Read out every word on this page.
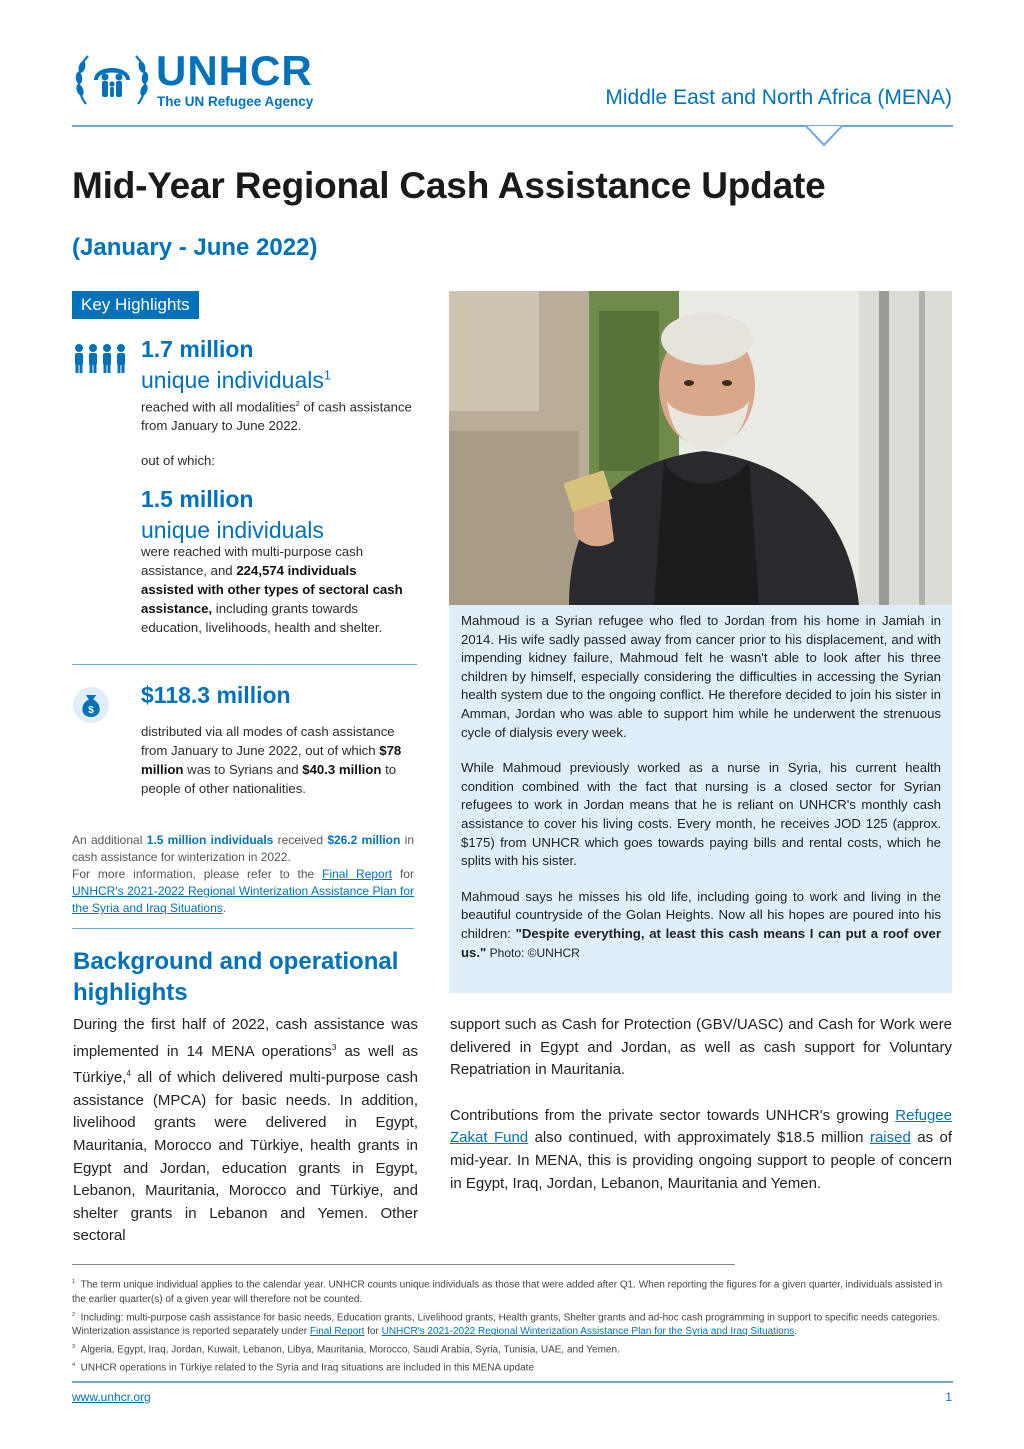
UNHCR
The UN Refugee Agency	Middle East and North Africa (MENA)
Mid-Year Regional Cash Assistance Update
(January - June 2022)
Key Highlights
1.7 million
unique individuals$^1$
reached with all modalities$^2$ of cash assistance from January to June 2022.
out of which:
1.5 million
unique individuals
were reached with multi-purpose cash assistance, and 224,574 individuals assisted with other types of sectoral cash assistance, including grants towards education, livelihoods, health and shelter.
$
$118.3 million
distributed via all modes of cash assistance from January to June 2022, out of which $78 million was to Syrians and $40.3 million to people of other nationalities.
An additional 1.5 million individuals received $26.2 million in cash assistance for winterization in 2022.
For more information, please refer to the Final Report for UNHCR's 2021-2022 Regional Winterization Assistance Plan for the Syria and Iraq Situations.
Background and operational highlights
During the first half of 2022, cash assistance was implemented in 14 MENA operations$^3$ as well as Türkiye,$^4$ all of which delivered multi-purpose cash assistance (MPCA) for basic needs. In addition, livelihood grants were delivered in Egypt, Mauritania, Morocco and Türkiye, health grants in Egypt and Jordan, education grants in Egypt, Lebanon, Mauritania, Morocco and Türkiye, and shelter grants in Lebanon and Yemen. Other sectoral

support such as Cash for Protection (GBV/UASC) and Cash for Work were delivered in Egypt and Jordan, as well as cash support for Voluntary Repatriation in Mauritania.

Contributions from the private sector towards UNHCR's growing Refugee Zakat Fund also continued, with approximately $18.5 million raised as of mid-year. In MENA, this is providing ongoing support to people of concern in Egypt, Iraq, Jordan, Lebanon, Mauritania and Yemen.

Mahmoud is a Syrian refugee who fled to Jordan from his home in Jamiah in 2014. His wife sadly passed away from cancer prior to his displacement, and with impending kidney failure, Mahmoud felt he wasn't able to look after his three children by himself, especially considering the difficulties in accessing the Syrian health system due to the ongoing conflict. He therefore decided to join his sister in Amman, Jordan who was able to support him while he underwent the strenuous cycle of dialysis every week.

While Mahmoud previously worked as a nurse in Syria, his current health condition combined with the fact that nursing is a closed sector for Syrian refugees to work in Jordan means that he is reliant on UNHCR's monthly cash assistance to cover his living costs. Every month, he receives JOD 125 (approx. $175) from UNHCR which goes towards paying bills and rental costs, which he splits with his sister.

Mahmoud says he misses his old life, including going to work and living in the beautiful countryside of the Golan Heights. Now all his hopes are poured into his children: "Despite everything, at least this cash means I can put a roof over us." Photo: ©UNHCR

$^1$ The term unique individual applies to the calendar year. UNHCR counts unique individuals as those that were added after Q1. When reporting the figures for a given quarter, individuals assisted in the earlier quarter(s) of a given year will therefore not be counted.
$^2$ Including: multi-purpose cash assistance for basic needs, Education grants, Livelihood grants, Health grants, Shelter grants and ad-hoc cash programming in support to specific needs categories. Winterization assistance is reported separately under Final Report for UNHCR's 2021-2022 Regional Winterization Assistance Plan for the Syria and Iraq Situations.
$^3$ Algeria, Egypt, Iraq, Jordan, Kuwait, Lebanon, Libya, Mauritania, Morocco, Saudi Arabia, Syria, Tunisia, UAE, and Yemen.
$^4$ UNHCR operations in Türkiye related to the Syria and Iraq situations are included in this MENA update
www.unhcr.org	1
